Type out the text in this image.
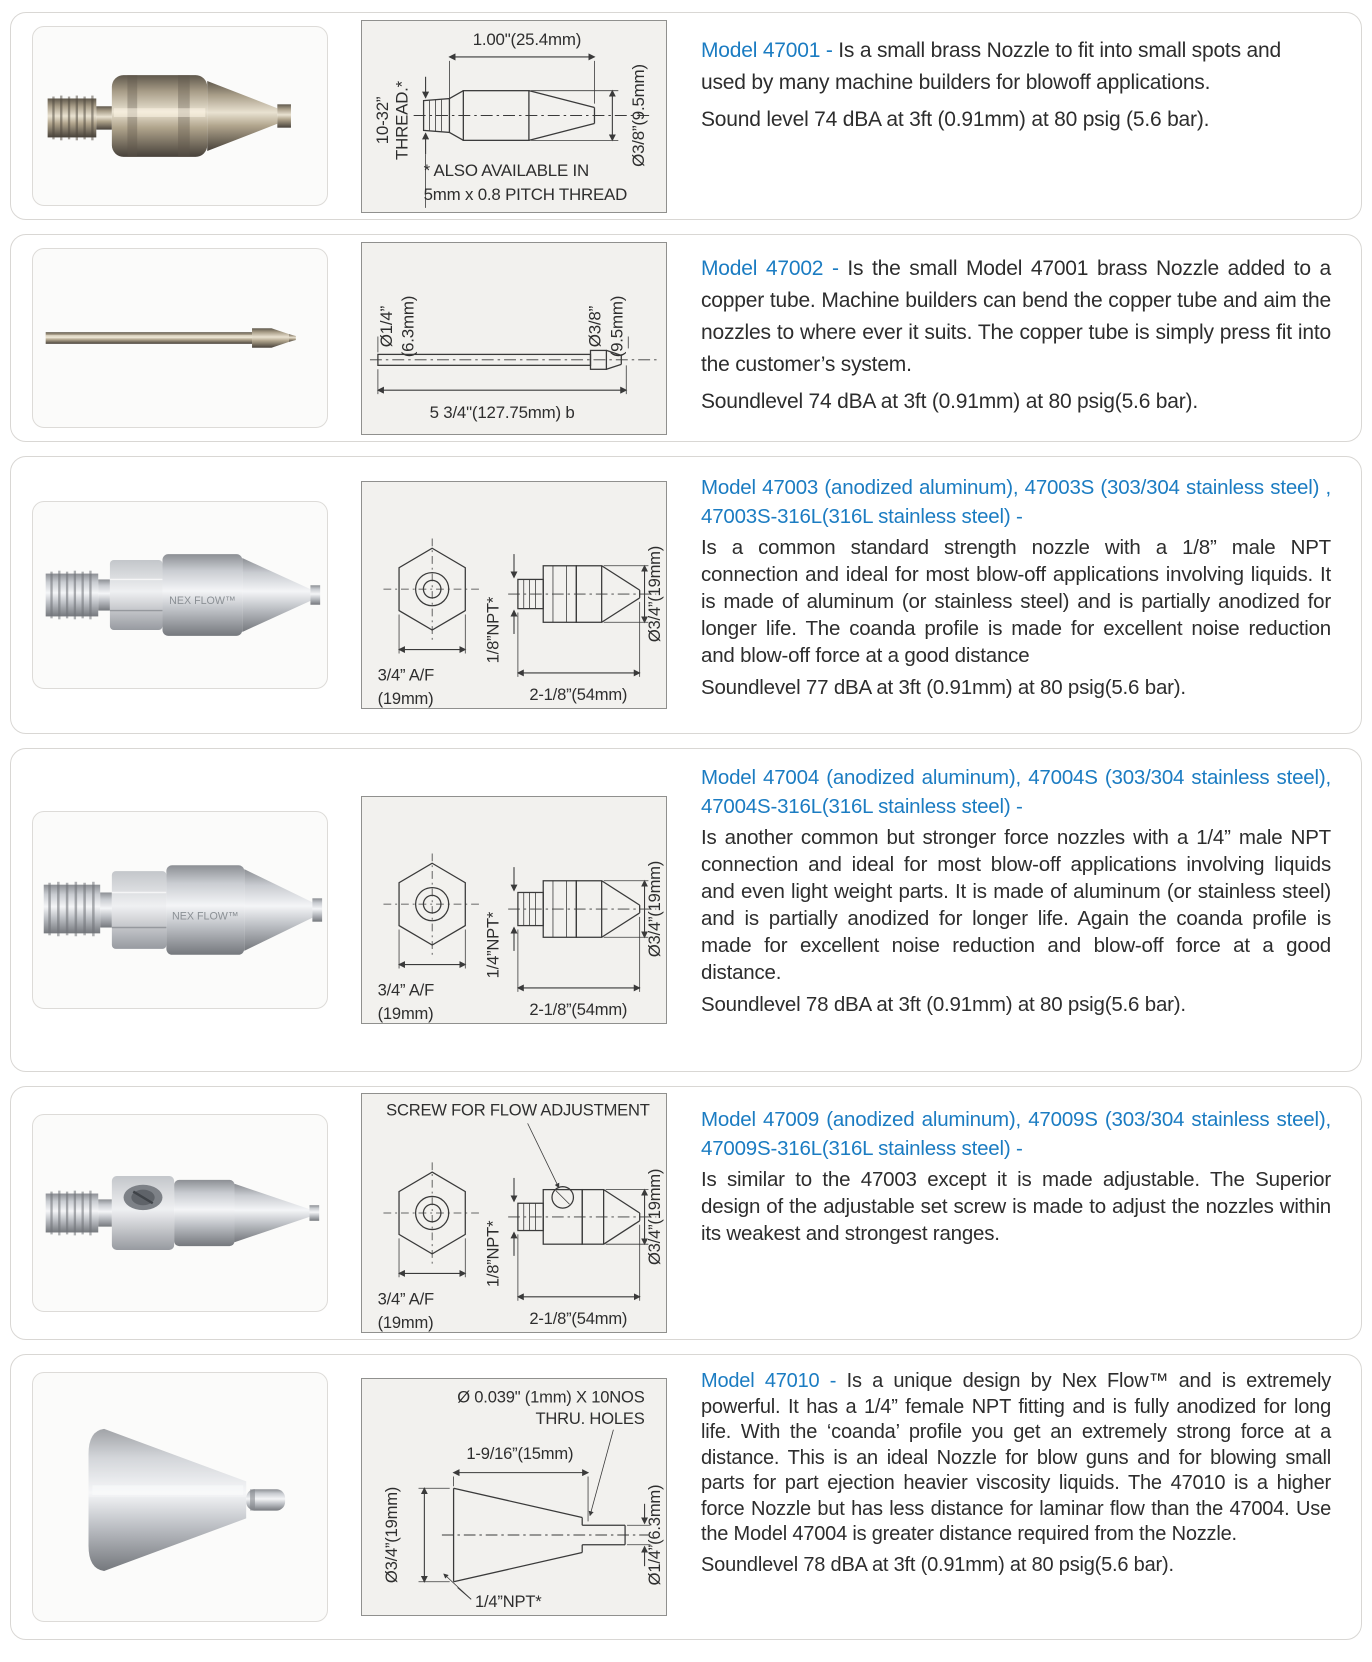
1.00"(25.4mm)
10-32” THREAD.*	Ø3/8”(9.5mm)
* ALSO AVAILABLE IN
5mm x 0.8 PITCH THREAD

Model 47001 - Is a small brass Nozzle to fit into small spots and used by many machine builders for blowoff applications.

Sound level 74 dBA at 3ft (0.91mm) at 80 psig (5.6 bar).

Ø1/4” (6.3mm)	Ø3/8” (9.5mm)
5 3/4"(127.75mm) b

Model 47002 - Is the small Model 47001 brass Nozzle added to a copper tube. Machine builders can bend the copper tube and aim the nozzles to where ever it suits. The copper tube is simply press fit into the customer’s system.

Soundlevel 74 dBA at 3ft (0.91mm) at 80 psig(5.6 bar).

NEX FLOW™
3/4” A/F
(19mm)
1/8”NPT*	Ø3/4”(19mm)
2-1/8”(54mm)

Model 47003 (anodized aluminum), 47003S (303/304 stainless steel) , 47003S-316L(316L stainless steel) -

Is a common standard strength nozzle with a 1/8” male NPT connection and ideal for most blow-off applications involving liquids. It is made of aluminum (or stainless steel) and is partially anodized for longer life. The coanda profile is made for excellent noise reduction and blow-off force at a good distance

Soundlevel 77 dBA at 3ft (0.91mm) at 80 psig(5.6 bar).

NEX FLOW™
3/4” A/F
(19mm)
1/4”NPT*	Ø3/4”(19mm)
2-1/8”(54mm)

Model 47004 (anodized aluminum), 47004S (303/304 stainless steel), 47004S-316L(316L stainless steel) -

Is another common but stronger force nozzles with a 1/4” male NPT connection and ideal for most blow-off applications involving liquids and even light weight parts. It is made of aluminum (or stainless steel) and is partially anodized for longer life. Again the coanda profile is made for excellent noise reduction and blow-off force at a good distance.

Soundlevel 78 dBA at 3ft (0.91mm) at 80 psig(5.6 bar).

SCREW FOR FLOW ADJUSTMENT
3/4” A/F
(19mm)
1/8”NPT*	Ø3/4”(19mm)
2-1/8”(54mm)

Model 47009 (anodized aluminum), 47009S (303/304 stainless steel), 47009S-316L(316L stainless steel) -

Is similar to the 47003 except it is made adjustable. The Superior design of the adjustable set screw is made to adjust the nozzles within its weakest and strongest ranges.

Ø 0.039" (1mm) X 10NOS
THRU. HOLES
1-9/16”(15mm)
Ø3/4”(19mm)	Ø1/4”(6.3mm)
1/4”NPT*

Model 47010 - Is a unique design by Nex Flow™ and is extremely powerful. It has a 1/4” female NPT fitting and is fully anodized for long life. With the ‘coanda’ profile you get an extremely strong force at a distance. This is an ideal Nozzle for blow guns and for blowing small parts for part ejection heavier viscosity liquids. The 47010 is a higher force Nozzle but has less distance for laminar flow than the 47004. Use the Model 47004 is greater distance required from the Nozzle.

Soundlevel 78 dBA at 3ft (0.91mm) at 80 psig(5.6 bar).
